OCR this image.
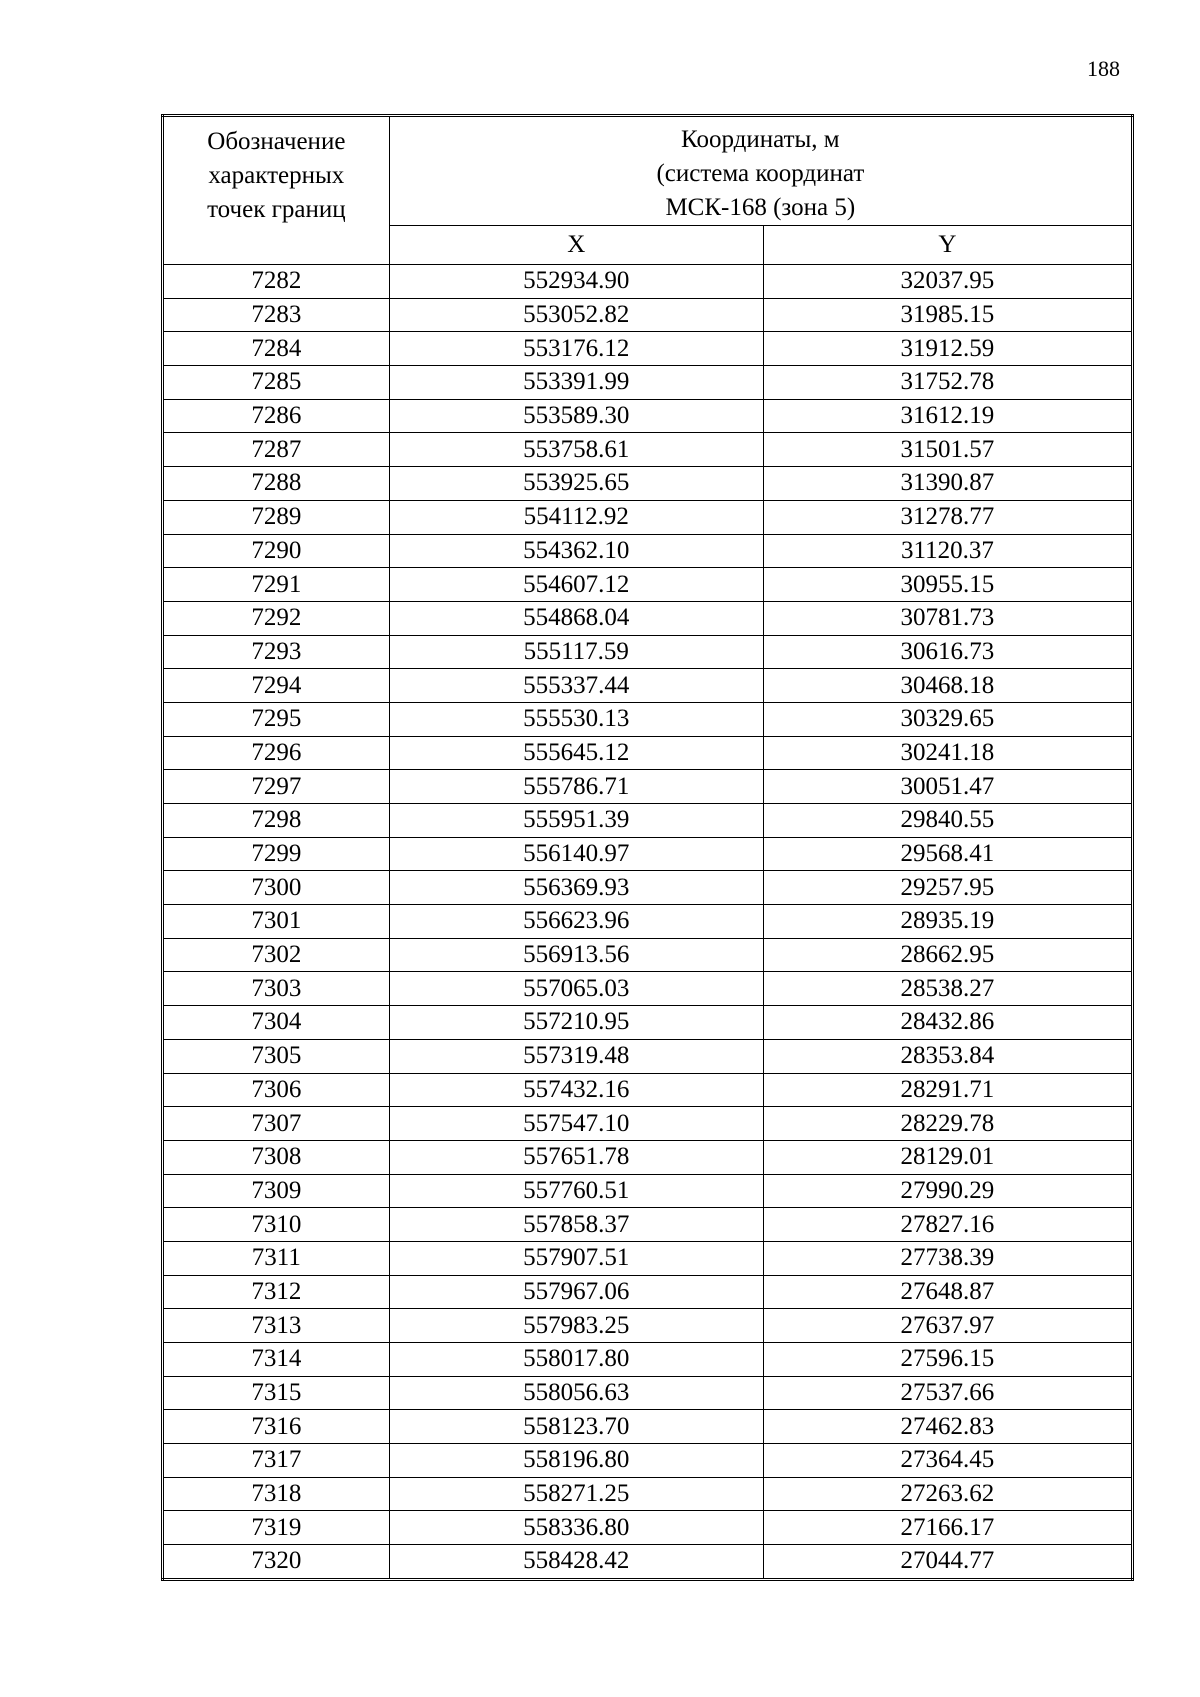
188
Обозначение
характерных
точек границ	Координаты, м
(система координат
МСК-168 (зона 5)	

	X	Y
7282	552934.90	32037.95
7283	553052.82	31985.15
7284	553176.12	31912.59
7285	553391.99	31752.78
7286	553589.30	31612.19
7287	553758.61	31501.57
7288	553925.65	31390.87
7289	554112.92	31278.77
7290	554362.10	31120.37
7291	554607.12	30955.15
7292	554868.04	30781.73
7293	555117.59	30616.73
7294	555337.44	30468.18
7295	555530.13	30329.65
7296	555645.12	30241.18
7297	555786.71	30051.47
7298	555951.39	29840.55
7299	556140.97	29568.41
7300	556369.93	29257.95
7301	556623.96	28935.19
7302	556913.56	28662.95
7303	557065.03	28538.27
7304	557210.95	28432.86
7305	557319.48	28353.84
7306	557432.16	28291.71
7307	557547.10	28229.78
7308	557651.78	28129.01
7309	557760.51	27990.29
7310	557858.37	27827.16
7311	557907.51	27738.39
7312	557967.06	27648.87
7313	557983.25	27637.97
7314	558017.80	27596.15
7315	558056.63	27537.66
7316	558123.70	27462.83
7317	558196.80	27364.45
7318	558271.25	27263.62
7319	558336.80	27166.17
7320	558428.42	27044.77
